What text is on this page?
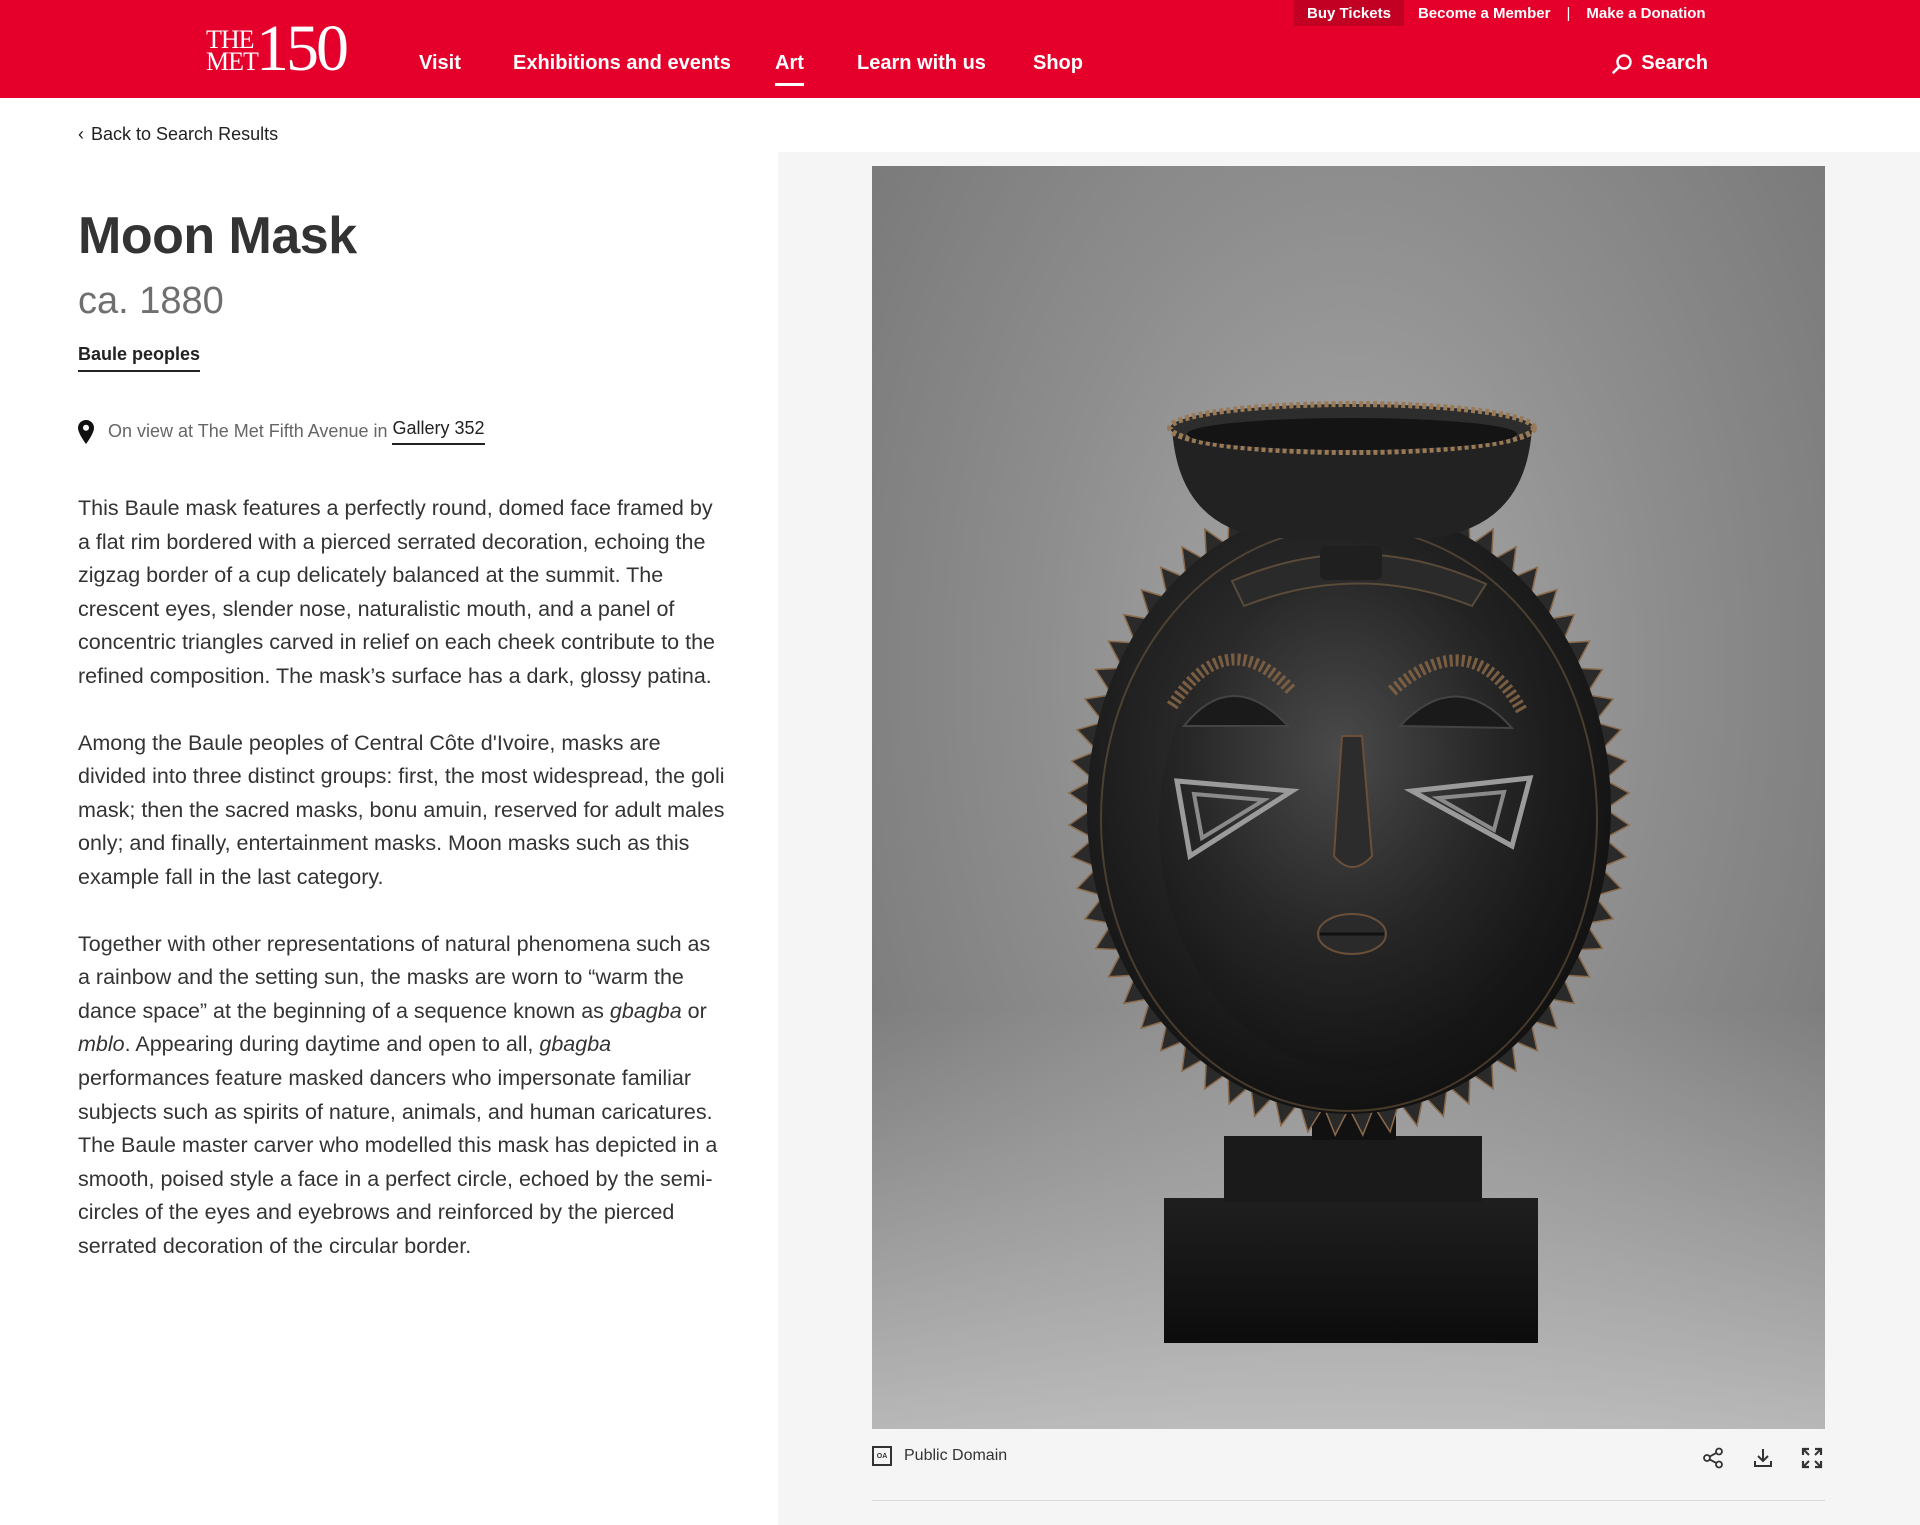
Buy Tickets	Become a Member | Make a Donation
THE MET
150	Visit	Exhibitions and events Art	Learn with us Shop	Search
‹ Back to Search Results
Moon Mask
ca. 1880
Baule peoples
On view at The Met Fifth Avenue in Gallery 352

This Baule mask features a perfectly round, domed face framed by a flat rim bordered with a pierced serrated decoration, echoing the zigzag border of a cup delicately balanced at the summit. The crescent eyes, slender nose, naturalistic mouth, and a panel of concentric triangles carved in relief on each cheek contribute to the refined composition. The mask’s surface has a dark, glossy patina.

Among the Baule peoples of Central Côte d'Ivoire, masks are divided into three distinct groups: first, the most widespread, the goli mask; then the sacred masks, bonu amuin, reserved for adult males only; and finally, entertainment masks. Moon masks such as this example fall in the last category.

Together with other representations of natural phenomena such as a rainbow and the setting sun, the masks are worn to “warm the dance space” at the beginning of a sequence known as gbagba or mblo. Appearing during daytime and open to all, gbagba performances feature masked dancers who impersonate familiar subjects such as spirits of nature, animals, and human caricatures. The Baule master carver who modelled this mask has depicted in a smooth, poised style a face in a perfect circle, echoed by the semi-circles of the eyes and eyebrows and reinforced by the pierced serrated decoration of the circular border.

OA Public Domain
